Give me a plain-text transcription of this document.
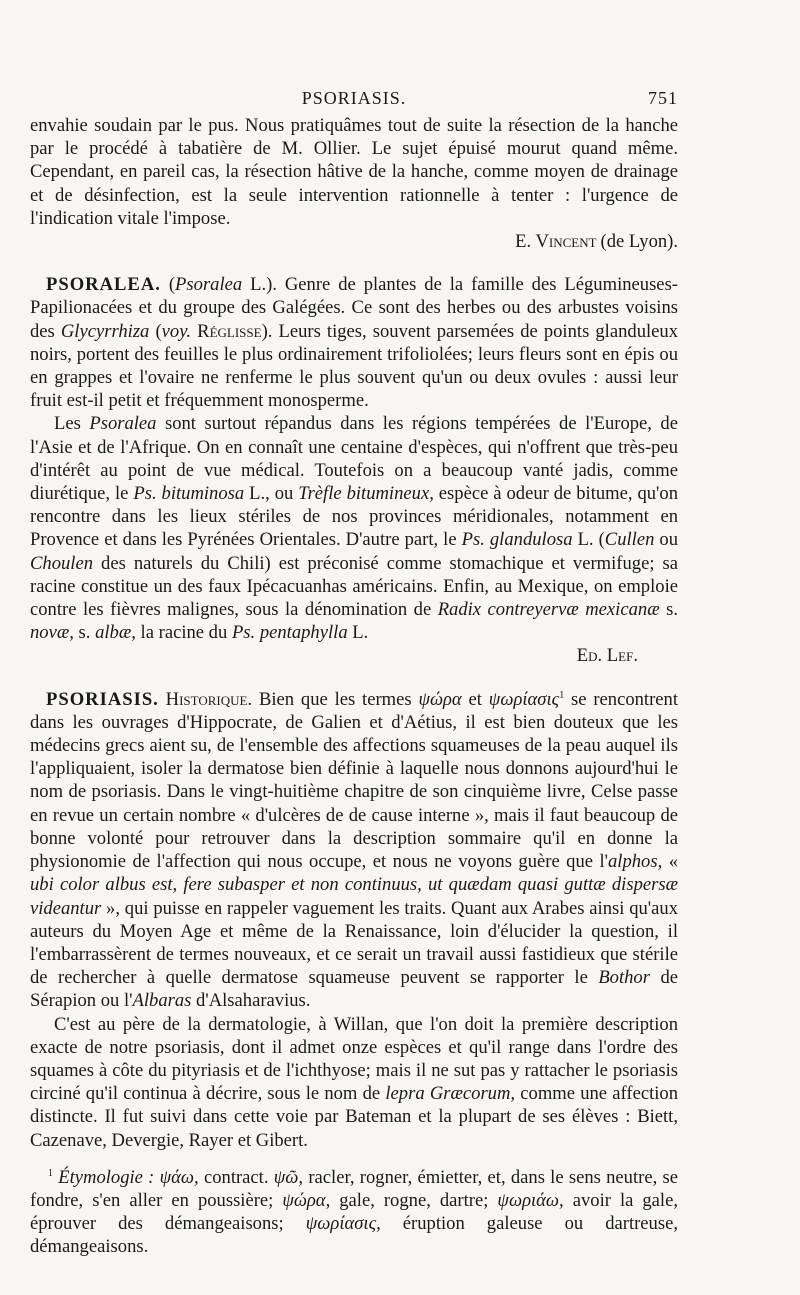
PSORIASIS.	751

envahie soudain par le pus. Nous pratiquâmes tout de suite la résection de la hanche par le procédé à tabatière de M. Ollier. Le sujet épuisé mourut quand même. Cependant, en pareil cas, la résection hâtive de la hanche, comme moyen de drainage et de désinfection, est la seule intervention rationnelle à tenter : l'urgence de l'indication vitale l'impose.

E. Vincent (de Lyon).

PSORALEA. (Psoralea L.). Genre de plantes de la famille des Légumineuses-Papilionacées et du groupe des Galégées. Ce sont des herbes ou des arbustes voisins des Glycyrrhiza (voy. Réglisse). Leurs tiges, souvent parsemées de points glanduleux noirs, portent des feuilles le plus ordinairement trifoliolées; leurs fleurs sont en épis ou en grappes et l'ovaire ne renferme le plus souvent qu'un ou deux ovules : aussi leur fruit est-il petit et fréquemment monosperme.

Les Psoralea sont surtout répandus dans les régions tempérées de l'Europe, de l'Asie et de l'Afrique. On en connaît une centaine d'espèces, qui n'offrent que très-peu d'intérêt au point de vue médical. Toutefois on a beaucoup vanté jadis, comme diurétique, le Ps. bituminosa L., ou Trèfle bitumineux, espèce à odeur de bitume, qu'on rencontre dans les lieux stériles de nos provinces méridionales, notamment en Provence et dans les Pyrénées Orientales. D'autre part, le Ps. glandulosa L. (Cullen ou Choulen des naturels du Chili) est préconisé comme stomachique et vermifuge; sa racine constitue un des faux Ipécacuanhas américains. Enfin, au Mexique, on emploie contre les fièvres malignes, sous la dénomination de Radix contreyervæ mexicanæ s. novæ, s. albæ, la racine du Ps. pentaphylla L.

Ed. Lef.

PSORIASIS. Historique. Bien que les termes ψώρα et ψωρίασις$^1$ se rencontrent dans les ouvrages d'Hippocrate, de Galien et d'Aétius, il est bien douteux que les médecins grecs aient su, de l'ensemble des affections squameuses de la peau auquel ils l'appliquaient, isoler la dermatose bien définie à laquelle nous donnons aujourd'hui le nom de psoriasis. Dans le vingt-huitième chapitre de son cinquième livre, Celse passe en revue un certain nombre « d'ulcères de de cause interne », mais il faut beaucoup de bonne volonté pour retrouver dans la description sommaire qu'il en donne la physionomie de l'affection qui nous occupe, et nous ne voyons guère que l'alphos, « ubi color albus est, fere subasper et non continuus, ut quædam quasi guttæ dispersæ videantur », qui puisse en rappeler vaguement les traits. Quant aux Arabes ainsi qu'aux auteurs du Moyen Age et même de la Renaissance, loin d'élucider la question, il l'embarrassèrent de termes nouveaux, et ce serait un travail aussi fastidieux que stérile de rechercher à quelle dermatose squameuse peuvent se rapporter le Bothor de Sérapion ou l'Albaras d'Alsaharavius.

C'est au père de la dermatologie, à Willan, que l'on doit la première description exacte de notre psoriasis, dont il admet onze espèces et qu'il range dans l'ordre des squames à côte du pityriasis et de l'ichthyose; mais il ne sut pas y rattacher le psoriasis circiné qu'il continua à décrire, sous le nom de lepra Græcorum, comme une affection distincte. Il fut suivi dans cette voie par Bateman et la plupart de ses élèves : Biett, Cazenave, Devergie, Rayer et Gibert.

$^1$ Étymologie : ψάω, contract. ψῶ, racler, rogner, émietter, et, dans le sens neutre, se fondre, s'en aller en poussière; ψώρα, gale, rogne, dartre; ψωριάω, avoir la gale, éprouver des démangeaisons; ψωρίασις, éruption galeuse ou dartreuse, démangeaisons.
